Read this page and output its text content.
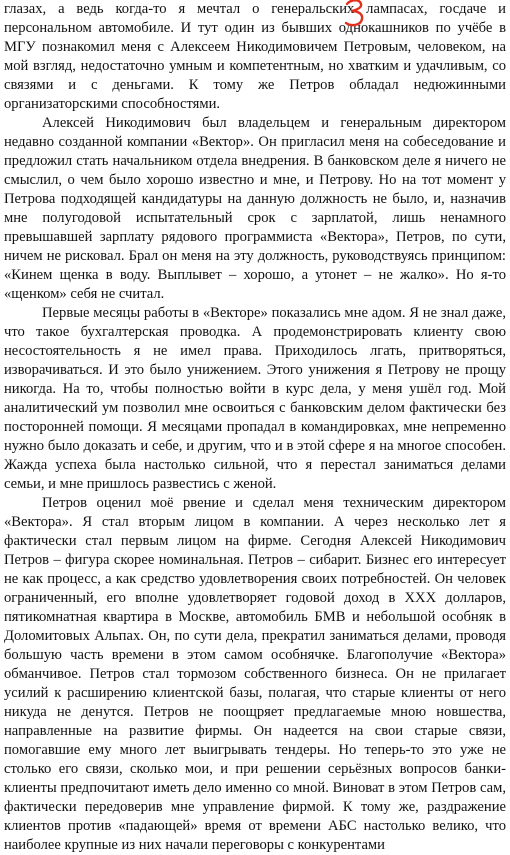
глазах, а ведь когда-то я мечтал о генеральских лампасах, госдаче и персональном автомобиле. И тут один из бывших однокашников по учёбе в МГУ познакомил меня с Алексеем Никодимовичем Петровым, человеком, на мой взгляд, недостаточно умным и компетентным, но хватким и удачливым, со связями и с деньгами. К тому же Петров обладал недюжинными организаторскими способностями.

Алексей Никодимович был владельцем и генеральным директором недавно созданной компании «Вектор». Он пригласил меня на собеседование и предложил стать начальником отдела внедрения. В банковском деле я ничего не смыслил, о чем было хорошо известно и мне, и Петрову. Но на тот момент у Петрова подходящей кандидатуры на данную должность не было, и, назначив мне полугодовой испытательный срок с зарплатой, лишь ненамного превышавшей зарплату рядового программиста «Вектора», Петров, по сути, ничем не рисковал. Брал он меня на эту должность, руководствуясь принципом: «Кинем щенка в воду. Выплывет – хорошо, а утонет – не жалко». Но я-то «щенком» себя не считал.

Первые месяцы работы в «Векторе» показались мне адом. Я не знал даже, что такое бухгалтерская проводка. А продемонстрировать клиенту свою несостоятельность я не имел права. Приходилось лгать, притворяться, изворачиваться. И это было унижением. Этого унижения я Петрову не прощу никогда. На то, чтобы полностью войти в курс дела, у меня ушёл год. Мой аналитический ум позволил мне освоиться с банковским делом фактически без посторонней помощи. Я месяцами пропадал в командировках, мне непременно нужно было доказать и себе, и другим, что и в этой сфере я на многое способен. Жажда успеха была настолько сильной, что я перестал заниматься делами семьи, и мне пришлось развестись с женой.

Петров оценил моё рвение и сделал меня техническим директором «Вектора». Я стал вторым лицом в компании. А через несколько лет я фактически стал первым лицом на фирме. Сегодня Алексей Никодимович Петров – фигура скорее номинальная. Петров – сибарит. Бизнес его интересует не как процесс, а как средство удовлетворения своих потребностей. Он человек ограниченный, его вполне удовлетворяет годовой доход в ХХХ долларов, пятикомнатная квартира в Москве, автомобиль БМВ и небольшой особняк в Доломитовых Альпах. Он, по сути дела, прекратил заниматься делами, проводя большую часть времени в этом самом особнячке. Благополучие «Вектора» обманчивое. Петров стал тормозом собственного бизнеса. Он не прилагает усилий к расширению клиентской базы, полагая, что старые клиенты от него никуда не денутся. Петров не поощряет предлагаемые мною новшества, направленные на развитие фирмы. Он надеется на свои старые связи, помогавшие ему много лет выигрывать тендеры. Но теперь-то это уже не столько его связи, сколько мои, и при решении серьёзных вопросов банки-клиенты предпочитают иметь дело именно со мной. Виноват в этом Петров сам, фактически передоверив мне управление фирмой. К тому же, раздражение клиентов против «падающей» время от времени АБС настолько велико, что наиболее крупные из них начали переговоры с конкурентами
